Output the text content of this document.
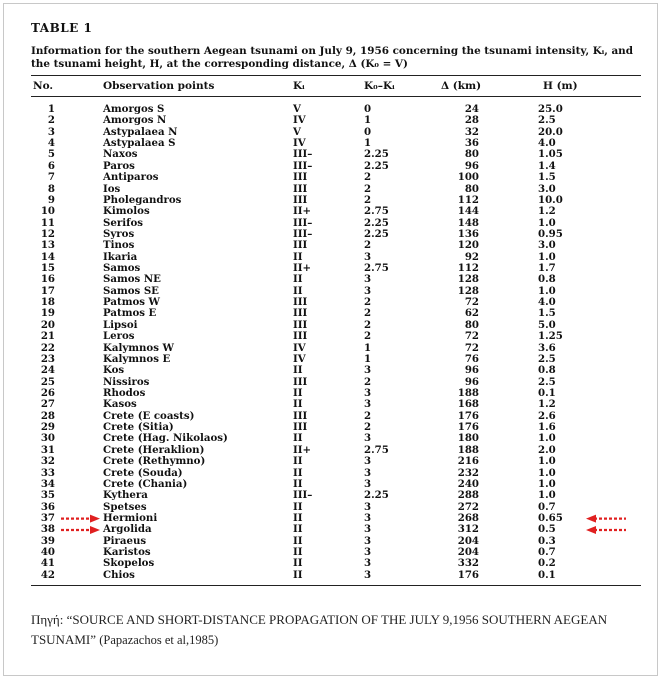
TABLE 1

Information for the southern Aegean tsunami on July 9, 1956 concerning the tsunami intensity, Kᵢ, and the tsunami height, H, at the corresponding distance, Δ (K₀ = V)

No.	Observation points	Kᵢ	K₀–Kᵢ	Δ (km)	H (m)
1	Amorgos S	V	0	24	25.0
2	Amorgos N	IV	1	28	2.5
3	Astypalaea N	V	0	32	20.0
4	Astypalaea S	IV	1	36	4.0
5	Naxos	III–	2.25	80	1.05
6	Paros	III–	2.25	96	1.4
7	Antiparos	III	2	100	1.5
8	Ios	III	2	80	3.0
9	Pholegandros	III	2	112	10.0
10	Kimolos	II+	2.75	144	1.2
11	Serifos	III–	2.25	148	1.0
12	Syros	III–	2.25	136	0.95
13	Tinos	III	2	120	3.0
14	Ikaria	II	3	92	1.0
15	Samos	II+	2.75	112	1.7
16	Samos NE	II	3	128	0.8
17	Samos SE	II	3	128	1.0
18	Patmos W	III	2	72	4.0
19	Patmos E	III	2	62	1.5
20	Lipsoi	III	2	80	5.0
21	Leros	III	2	72	1.25
22	Kalymnos W	IV	1	72	3.6
23	Kalymnos E	IV	1	76	2.5
24	Kos	II	3	96	0.8
25	Nissiros	III	2	96	2.5
26	Rhodos	II	3	188	0.1
27	Kasos	II	3	168	1.2
28	Crete (E coasts)	III	2	176	2.6
29	Crete (Sitia)	III	2	176	1.6
30	Crete (Hag. Nikolaos)	II	3	180	1.0
31	Crete (Heraklion)	II+	2.75	188	2.0
32	Crete (Rethymno)	II	3	216	1.0
33	Crete (Souda)	II	3	232	1.0
34	Crete (Chania)	II	3	240	1.0
35	Kythera	III–	2.25	288	1.0
36	Spetses	II	3	272	0.7
37	Hermioni	II	3	268	0.65
38	Argolida	II	3	312	0.5
39	Piraeus	II	3	204	0.3
40	Karistos	II	3	204	0.7
41	Skopelos	II	3	332	0.2
42	Chios	II	3	176	0.1

Πηγή: “SOURCE AND SHORT-DISTANCE PROPAGATION OF THE JULY 9,1956 SOUTHERN AEGEAN TSUNAMI” (Papazachos et al,1985)
